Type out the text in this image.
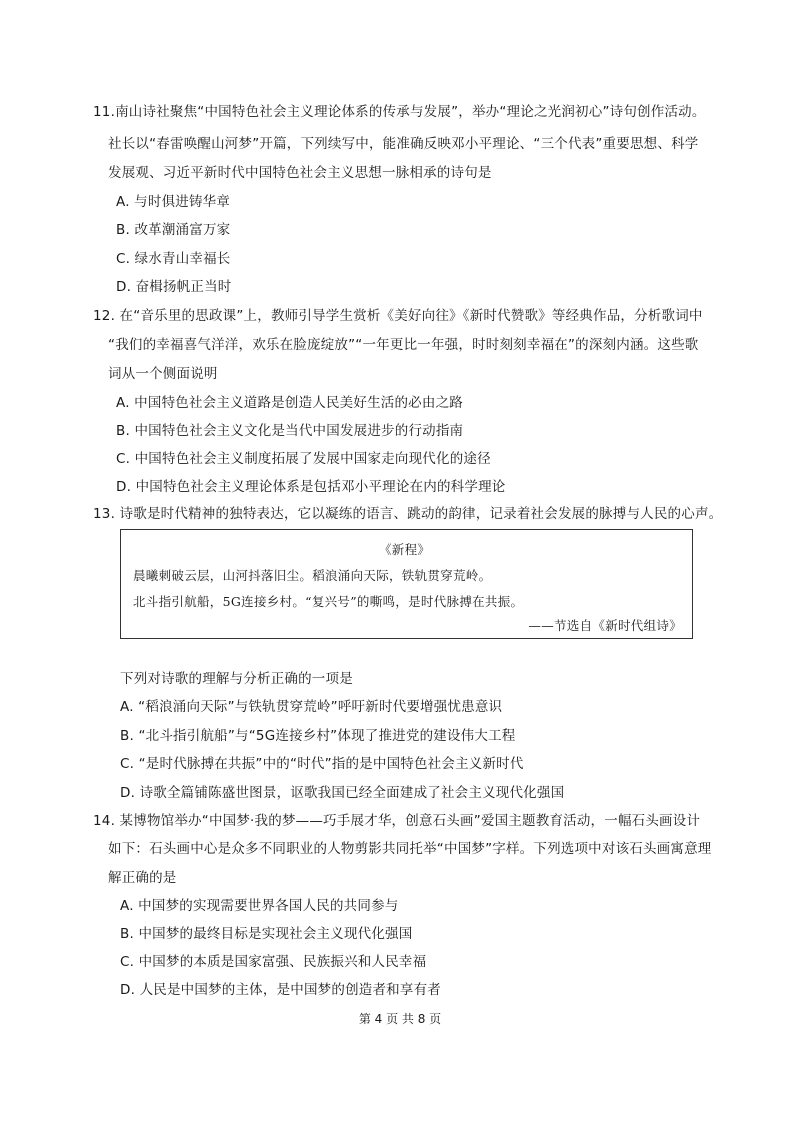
11.南山诗社聚焦“中国特色社会主义理论体系的传承与发展”，举办“理论之光润初心”诗句创作活动。
社长以“春雷唤醒山河梦”开篇，下列续写中，能准确反映邓小平理论、“三个代表”重要思想、科学
发展观、习近平新时代中国特色社会主义思想一脉相承的诗句是
A. 与时俱进铸华章
B. 改革潮涌富万家
C. 绿水青山幸福长
D. 奋楫扬帆正当时
12. 在“音乐里的思政课”上，教师引导学生赏析《美好向往》《新时代赞歌》等经典作品，分析歌词中
“我们的幸福喜气洋洋，欢乐在脸庞绽放”“一年更比一年强，时时刻刻幸福在”的深刻内涵。这些歌
词从一个侧面说明
A. 中国特色社会主义道路是创造人民美好生活的必由之路
B. 中国特色社会主义文化是当代中国发展进步的行动指南
C. 中国特色社会主义制度拓展了发展中国家走向现代化的途径
D. 中国特色社会主义理论体系是包括邓小平理论在内的科学理论
13. 诗歌是时代精神的独特表达，它以凝练的语言、跳动的韵律，记录着社会发展的脉搏与人民的心声。
《新程》
晨曦刺破云层，山河抖落旧尘。稻浪涌向天际，铁轨贯穿荒岭。
北斗指引航船，5G连接乡村。“复兴号”的嘶鸣，是时代脉搏在共振。
——节选自《新时代组诗》
下列对诗歌的理解与分析正确的一项是
A. “稻浪涌向天际”与铁轨贯穿荒岭”呼吁新时代要增强忧患意识
B. “北斗指引航船”与“5G连接乡村”体现了推进党的建设伟大工程
C. “是时代脉搏在共振”中的“时代”指的是中国特色社会主义新时代
D. 诗歌全篇铺陈盛世图景，讴歌我国已经全面建成了社会主义现代化强国
14. 某博物馆举办“中国梦·我的梦——巧手展才华，创意石头画”爱国主题教育活动，一幅石头画设计
如下：石头画中心是众多不同职业的人物剪影共同托举“中国梦”字样。下列选项中对该石头画寓意理
解正确的是
A. 中国梦的实现需要世界各国人民的共同参与
B. 中国梦的最终目标是实现社会主义现代化强国
C. 中国梦的本质是国家富强、民族振兴和人民幸福
D. 人民是中国梦的主体，是中国梦的创造者和享有者
第 4 页 共 8 页
